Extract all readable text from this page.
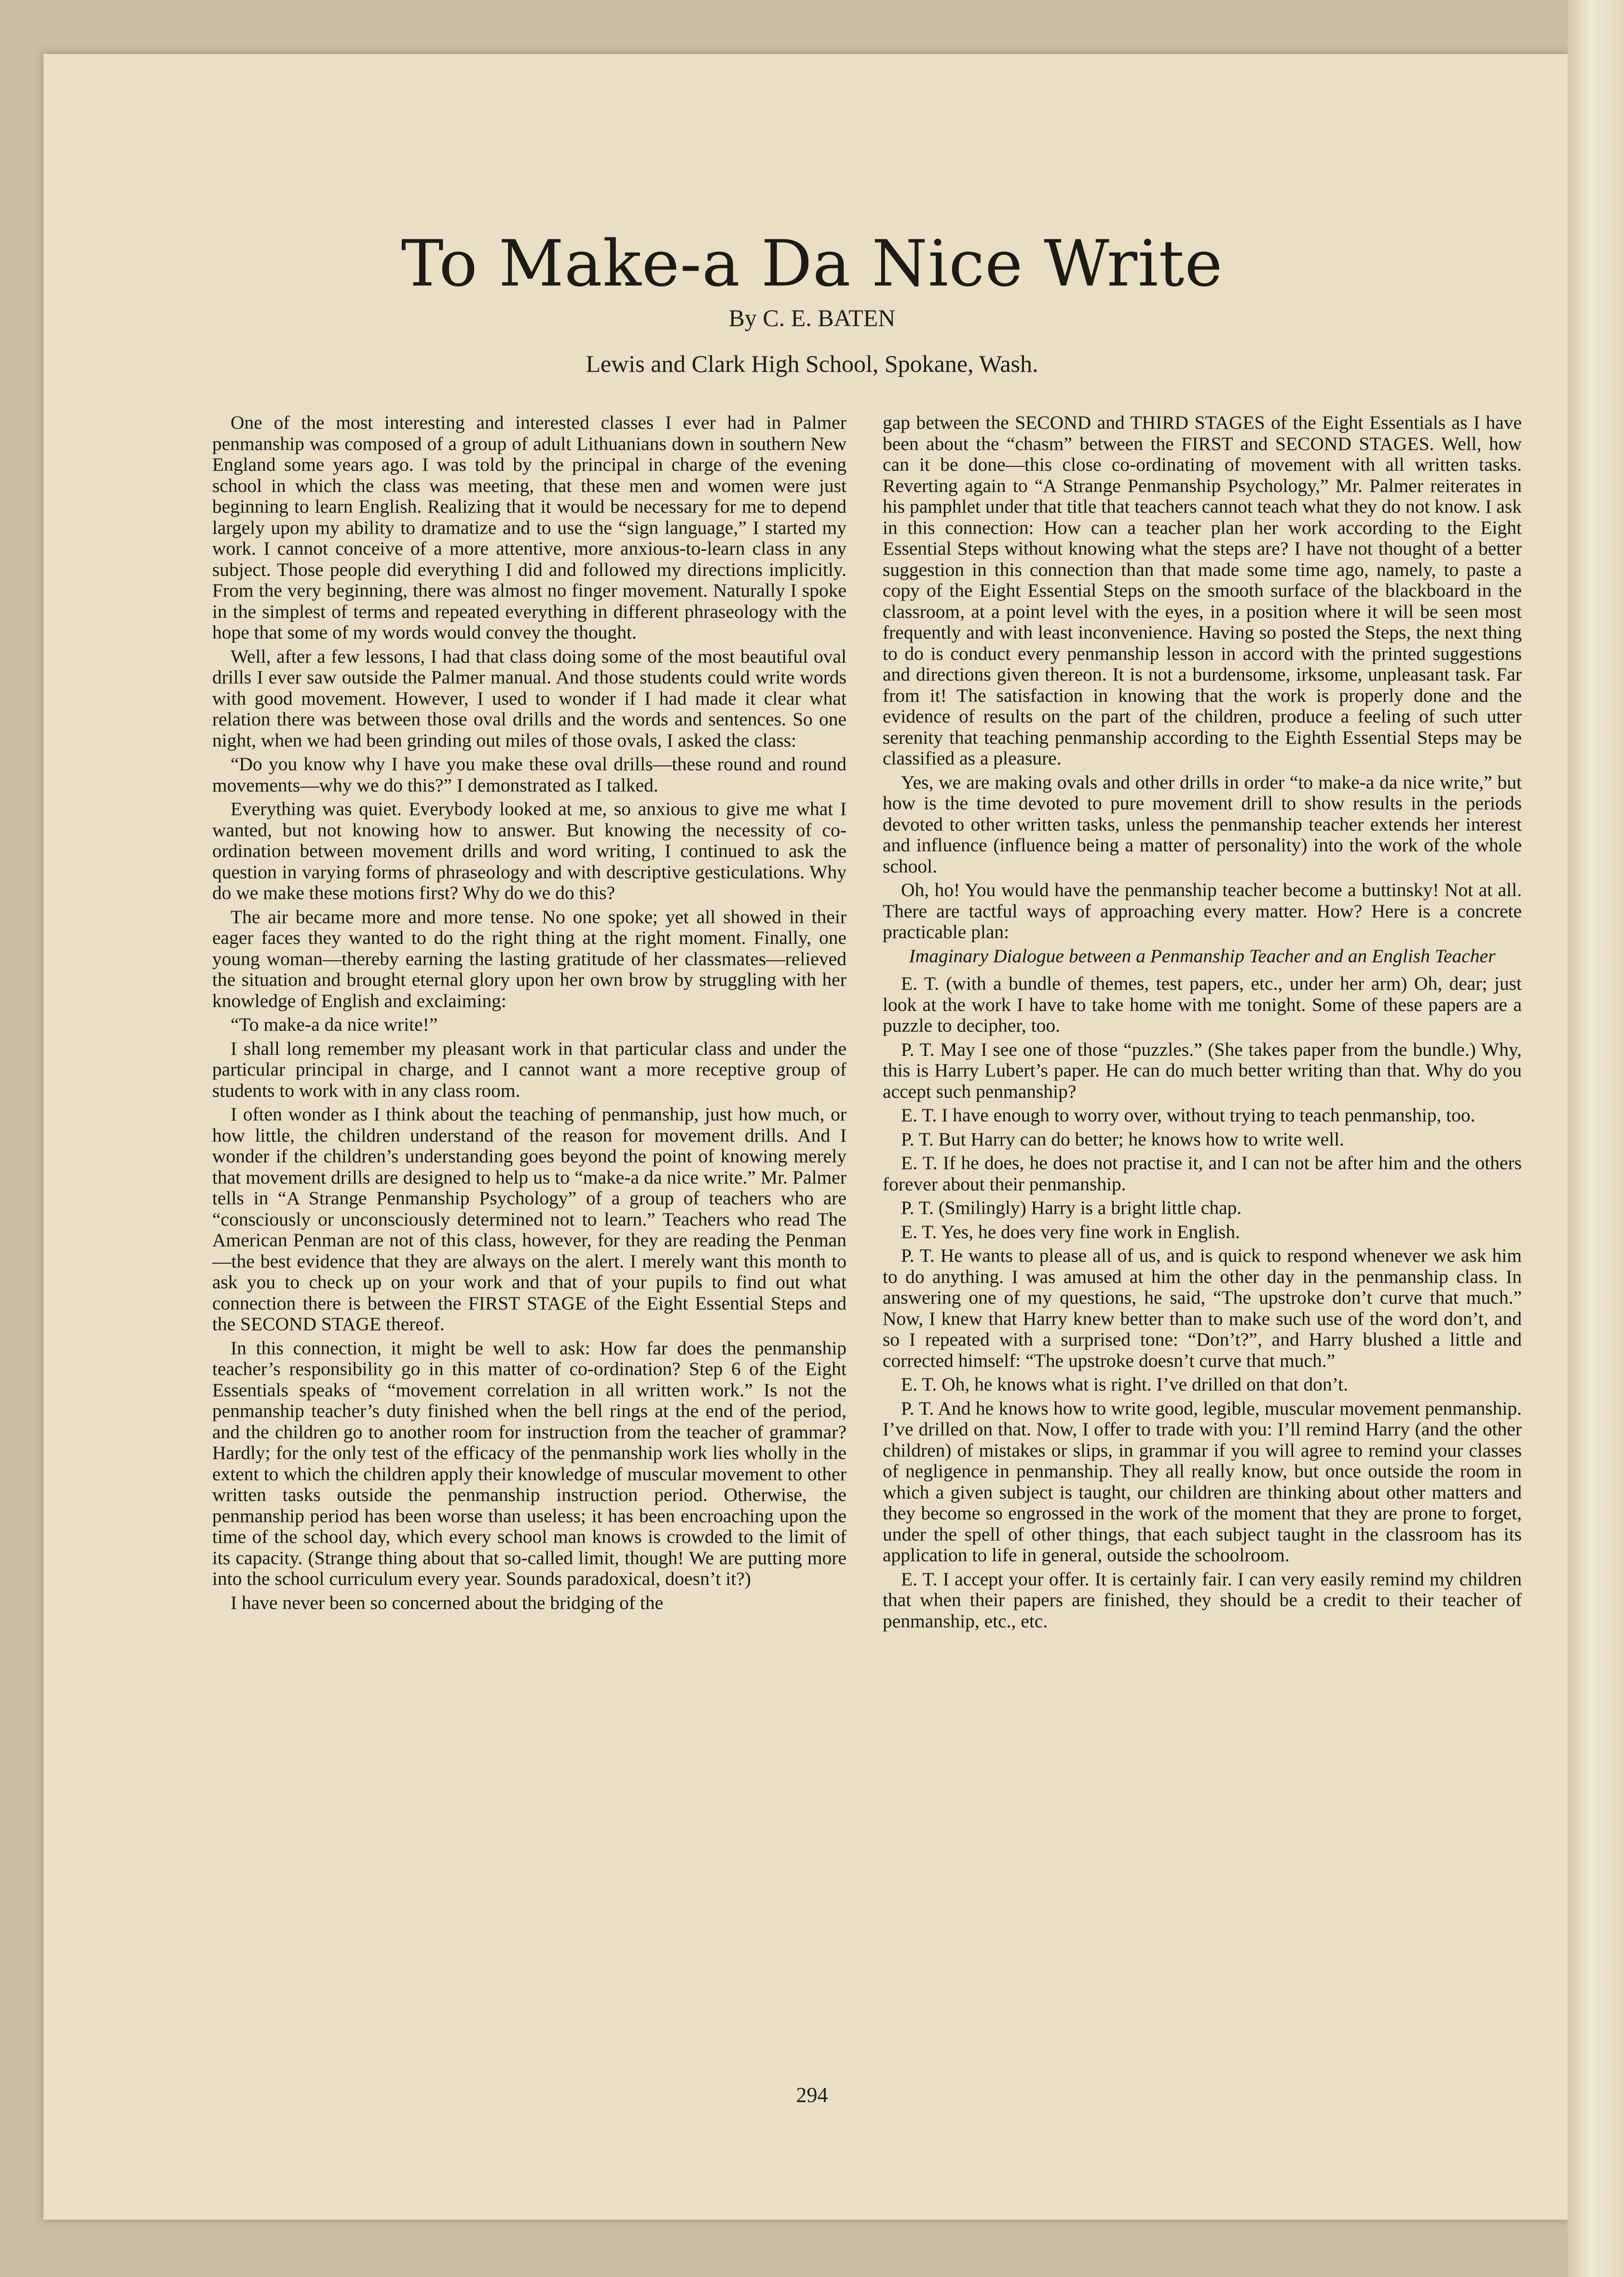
To Make-a Da Nice Write
By C. E. BATEN
Lewis and Clark High School, Spokane, Wash.

One of the most interesting and interested classes I ever had in Palmer penmanship was composed of a group of adult Lithuanians down in southern New England some years ago. I was told by the principal in charge of the evening school in which the class was meeting, that these men and women were just beginning to learn English. Realizing that it would be necessary for me to depend largely upon my ability to dramatize and to use the “sign language,” I started my work. I cannot conceive of a more attentive, more anxious-to-learn class in any subject. Those people did everything I did and followed my directions implicitly. From the very beginning, there was almost no finger movement. Naturally I spoke in the simplest of terms and repeated everything in different phraseology with the hope that some of my words would convey the thought.

Well, after a few lessons, I had that class doing some of the most beautiful oval drills I ever saw outside the Palmer manual. And those students could write words with good movement. However, I used to wonder if I had made it clear what relation there was between those oval drills and the words and sentences. So one night, when we had been grinding out miles of those ovals, I asked the class:

“Do you know why I have you make these oval drills—these round and round movements—why we do this?” I demonstrated as I talked.

Everything was quiet. Everybody looked at me, so anxious to give me what I wanted, but not knowing how to answer. But knowing the necessity of co-ordination between movement drills and word writing, I continued to ask the question in varying forms of phraseology and with descriptive gesticulations. Why do we make these motions first? Why do we do this?

The air became more and more tense. No one spoke; yet all showed in their eager faces they wanted to do the right thing at the right moment. Finally, one young woman—thereby earning the lasting gratitude of her classmates—relieved the situation and brought eternal glory upon her own brow by struggling with her knowledge of English and exclaiming:

“To make-a da nice write!”

I shall long remember my pleasant work in that particular class and under the particular principal in charge, and I cannot want a more receptive group of students to work with in any class room.

I often wonder as I think about the teaching of penmanship, just how much, or how little, the children understand of the reason for movement drills. And I wonder if the children’s understanding goes beyond the point of knowing merely that movement drills are designed to help us to “make-a da nice write.” Mr. Palmer tells in “A Strange Penmanship Psychology” of a group of teachers who are “consciously or unconsciously determined not to learn.” Teachers who read The American Penman are not of this class, however, for they are reading the Penman—the best evidence that they are always on the alert. I merely want this month to ask you to check up on your work and that of your pupils to find out what connection there is between the FIRST STAGE of the Eight Essential Steps and the SECOND STAGE thereof.

In this connection, it might be well to ask: How far does the penmanship teacher’s responsibility go in this matter of co-ordination? Step 6 of the Eight Essentials speaks of “movement correlation in all written work.” Is not the penmanship teacher’s duty finished when the bell rings at the end of the period, and the children go to another room for instruction from the teacher of grammar? Hardly; for the only test of the efficacy of the penmanship work lies wholly in the extent to which the children apply their knowledge of muscular movement to other written tasks outside the penmanship instruction period. Otherwise, the penmanship period has been worse than useless; it has been encroaching upon the time of the school day, which every school man knows is crowded to the limit of its capacity. (Strange thing about that so-called limit, though! We are putting more into the school curriculum every year. Sounds paradoxical, doesn’t it?)

I have never been so concerned about the bridging of the

gap between the SECOND and THIRD STAGES of the Eight Essentials as I have been about the “chasm” between the FIRST and SECOND STAGES. Well, how can it be done—this close co-ordinating of movement with all written tasks. Reverting again to “A Strange Penmanship Psychology,” Mr. Palmer reiterates in his pamphlet under that title that teachers cannot teach what they do not know. I ask in this connection: How can a teacher plan her work according to the Eight Essential Steps without knowing what the steps are? I have not thought of a better suggestion in this connection than that made some time ago, namely, to paste a copy of the Eight Essential Steps on the smooth surface of the blackboard in the classroom, at a point level with the eyes, in a position where it will be seen most frequently and with least inconvenience. Having so posted the Steps, the next thing to do is conduct every penmanship lesson in accord with the printed suggestions and directions given thereon. It is not a burdensome, irksome, unpleasant task. Far from it! The satisfaction in knowing that the work is properly done and the evidence of results on the part of the children, produce a feeling of such utter serenity that teaching penmanship according to the Eighth Essential Steps may be classified as a pleasure.

Yes, we are making ovals and other drills in order “to make-a da nice write,” but how is the time devoted to pure movement drill to show results in the periods devoted to other written tasks, unless the penmanship teacher extends her interest and influence (influence being a matter of personality) into the work of the whole school.

Oh, ho! You would have the penmanship teacher become a buttinsky! Not at all. There are tactful ways of approaching every matter. How? Here is a concrete practicable plan:

Imaginary Dialogue between a Penmanship Teacher and an English Teacher

E. T. (with a bundle of themes, test papers, etc., under her arm) Oh, dear; just look at the work I have to take home with me tonight. Some of these papers are a puzzle to decipher, too.

P. T. May I see one of those “puzzles.” (She takes paper from the bundle.) Why, this is Harry Lubert’s paper. He can do much better writing than that. Why do you accept such penmanship?

E. T. I have enough to worry over, without trying to teach penmanship, too.

P. T. But Harry can do better; he knows how to write well.

E. T. If he does, he does not practise it, and I can not be after him and the others forever about their penmanship.

P. T. (Smilingly) Harry is a bright little chap.

E. T. Yes, he does very fine work in English.

P. T. He wants to please all of us, and is quick to respond whenever we ask him to do anything. I was amused at him the other day in the penmanship class. In answering one of my questions, he said, “The upstroke don’t curve that much.” Now, I knew that Harry knew better than to make such use of the word don’t, and so I repeated with a surprised tone: “Don’t?”, and Harry blushed a little and corrected himself: “The upstroke doesn’t curve that much.”

E. T. Oh, he knows what is right. I’ve drilled on that don’t.

P. T. And he knows how to write good, legible, muscular movement penmanship. I’ve drilled on that. Now, I offer to trade with you: I’ll remind Harry (and the other children) of mistakes or slips, in grammar if you will agree to remind your classes of negligence in penmanship. They all really know, but once outside the room in which a given subject is taught, our children are thinking about other matters and they become so engrossed in the work of the moment that they are prone to forget, under the spell of other things, that each subject taught in the classroom has its application to life in general, outside the schoolroom.

E. T. I accept your offer. It is certainly fair. I can very easily remind my children that when their papers are finished, they should be a credit to their teacher of penmanship, etc., etc.

294
